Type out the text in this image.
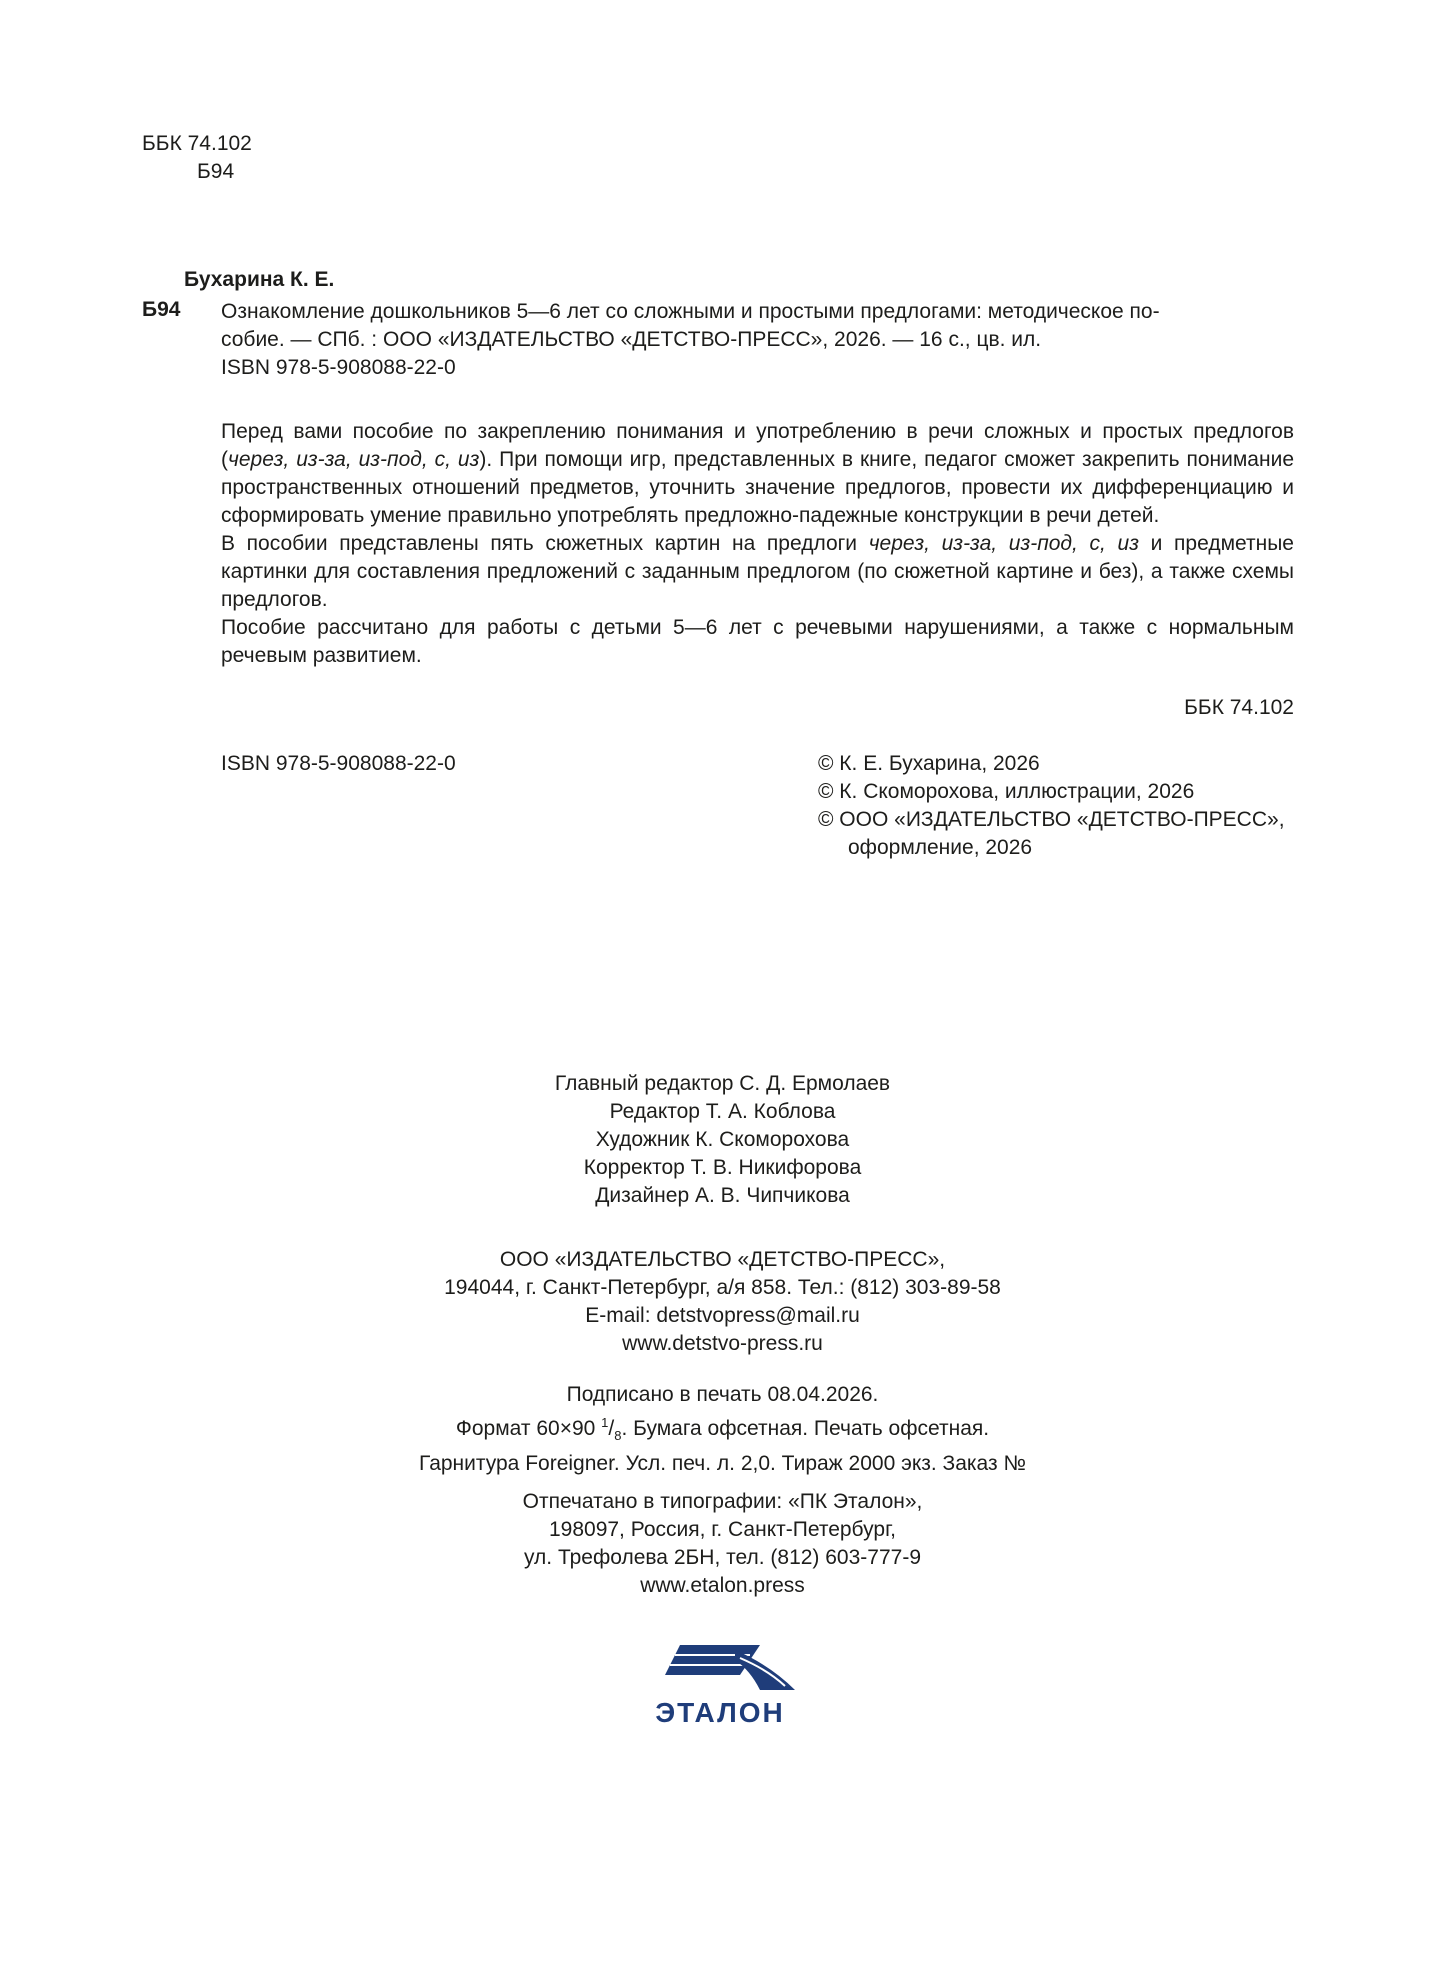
ББК 74.102
Б94
Бухарина К. Е.
Б94 Ознакомление дошкольников 5—6 лет со сложными и простыми предлогами: методическое по-
собие. — СПб. : ООО «ИЗДАТЕЛЬСТВО «ДЕТСТВО-ПРЕСС», 2026. — 16 с., цв. ил.
ISBN 978-5-908088-22-0

Перед вами пособие по закреплению понимания и употреблению в речи сложных и простых предлогов (через, из-за, из-под, с, из). При помощи игр, представленных в книге, педагог сможет закрепить понимание пространственных отношений предметов, уточнить значение предлогов, провести их дифференциацию и сформировать умение правильно употреблять предложно-падежные конструкции в речи детей.

В пособии представлены пять сюжетных картин на предлоги через, из-за, из-под, с, из и предметные картинки для составления предложений с заданным предлогом (по сюжетной картине и без), а также схемы предлогов.

Пособие рассчитано для работы с детьми 5—6 лет с речевыми нарушениями, а также с нормальным речевым развитием.

ББК 74.102
ISBN 978-5-908088-22-0	© К. Е. Бухарина, 2026
© К. Скоморохова, иллюстрации, 2026
© ООО «ИЗДАТЕЛЬСТВО «ДЕТСТВО-ПРЕСС»,
оформление, 2026
Главный редактор С. Д. Ермолаев
Редактор Т. А. Коблова
Художник К. Скоморохова
Корректор Т. В. Никифорова
Дизайнер А. В. Чипчикова
ООО «ИЗДАТЕЛЬСТВО «ДЕТСТВО-ПРЕСС»,
194044, г. Санкт-Петербург, а/я 858. Тел.: (812) 303-89-58
E-mail: detstvopress@mail.ru
www.detstvo-press.ru
Подписано в печать 08.04.2026.
Формат 60×90 $^1/_8$. Бумага офсетная. Печать офсетная.
Гарнитура Foreigner. Усл. печ. л. 2,0. Тираж 2000 экз. Заказ №
Отпечатано в типографии: «ПК Эталон»,
198097, Россия, г. Санкт-Петербург,
ул. Трефолева 2БН, тел. (812) 603-777-9
www.etalon.press
ЭТАЛОН
